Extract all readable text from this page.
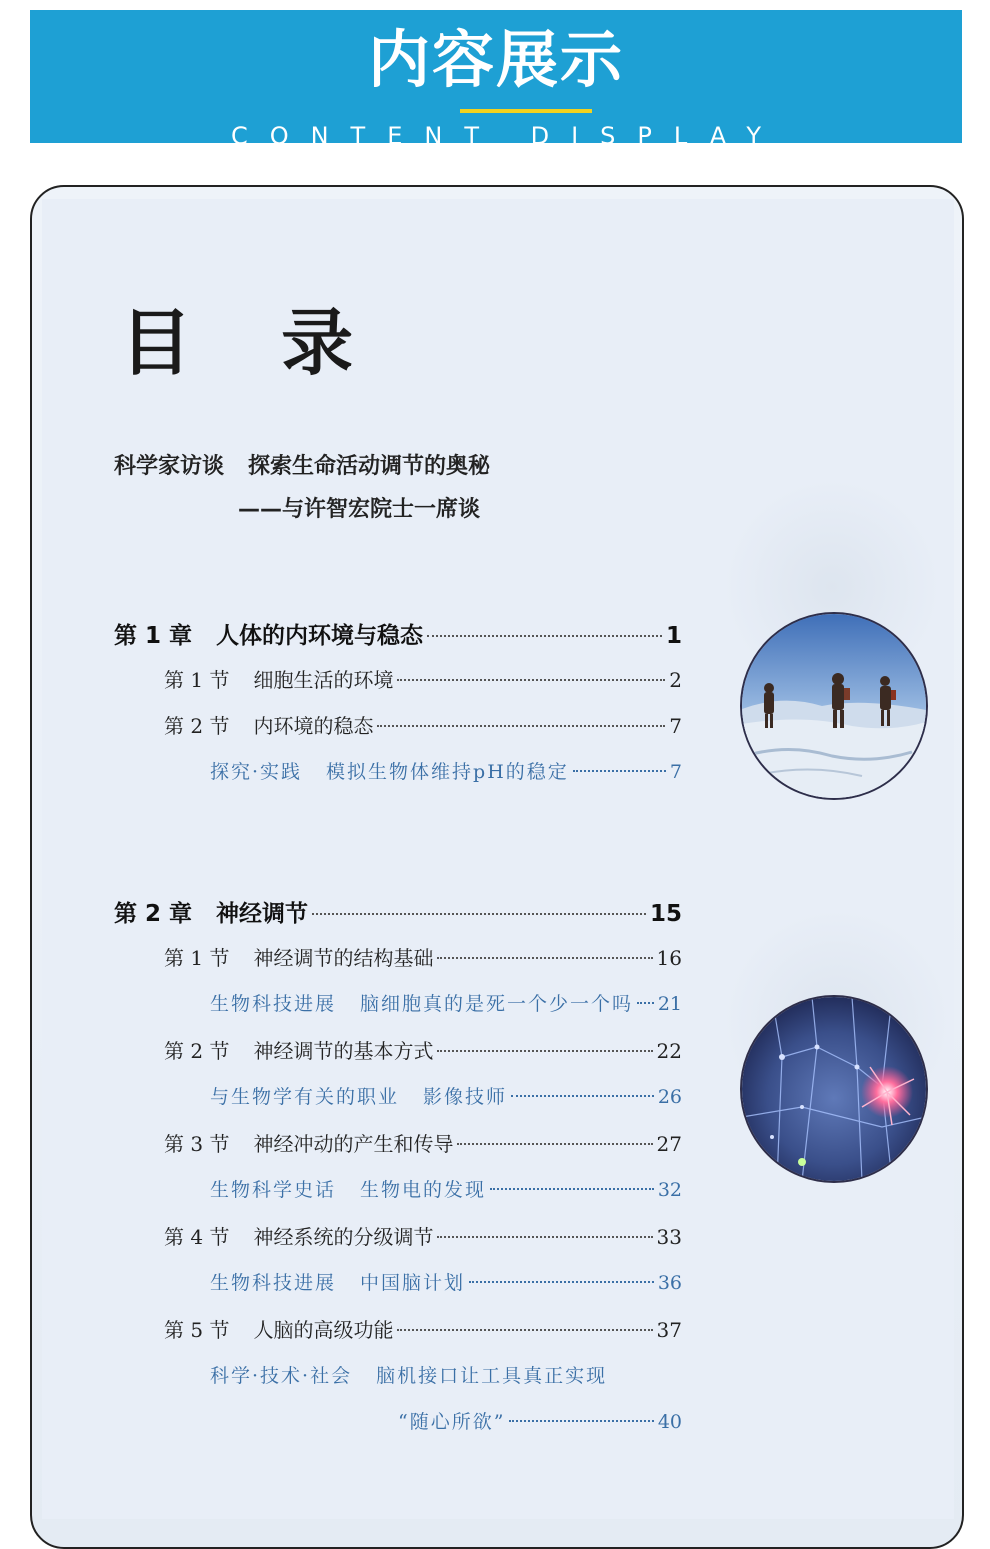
内容展示
CONTENT DISPLAY
目 录
科学家访谈 探索生命活动调节的奥秘
——与许智宏院士一席谈
第 1 章 人体的内环境与稳态	1
第 1 节 细胞生活的环境	2
第 2 节 内环境的稳态	7
探究·实践 模拟生物体维持pH的稳定	7
第 2 章 神经调节	15
第 1 节 神经调节的结构基础	16
生物科技进展 脑细胞真的是死一个少一个吗 21
第 2 节 神经调节的基本方式	22
与生物学有关的职业 影像技师	26
第 3 节 神经冲动的产生和传导	27
生物科学史话 生物电的发现	32
第 4 节 神经系统的分级调节	33
生物科技进展 中国脑计划	36
第 5 节 人脑的高级功能	37
科学·技术·社会 脑机接口让工具真正实现
“随心所欲”	40
